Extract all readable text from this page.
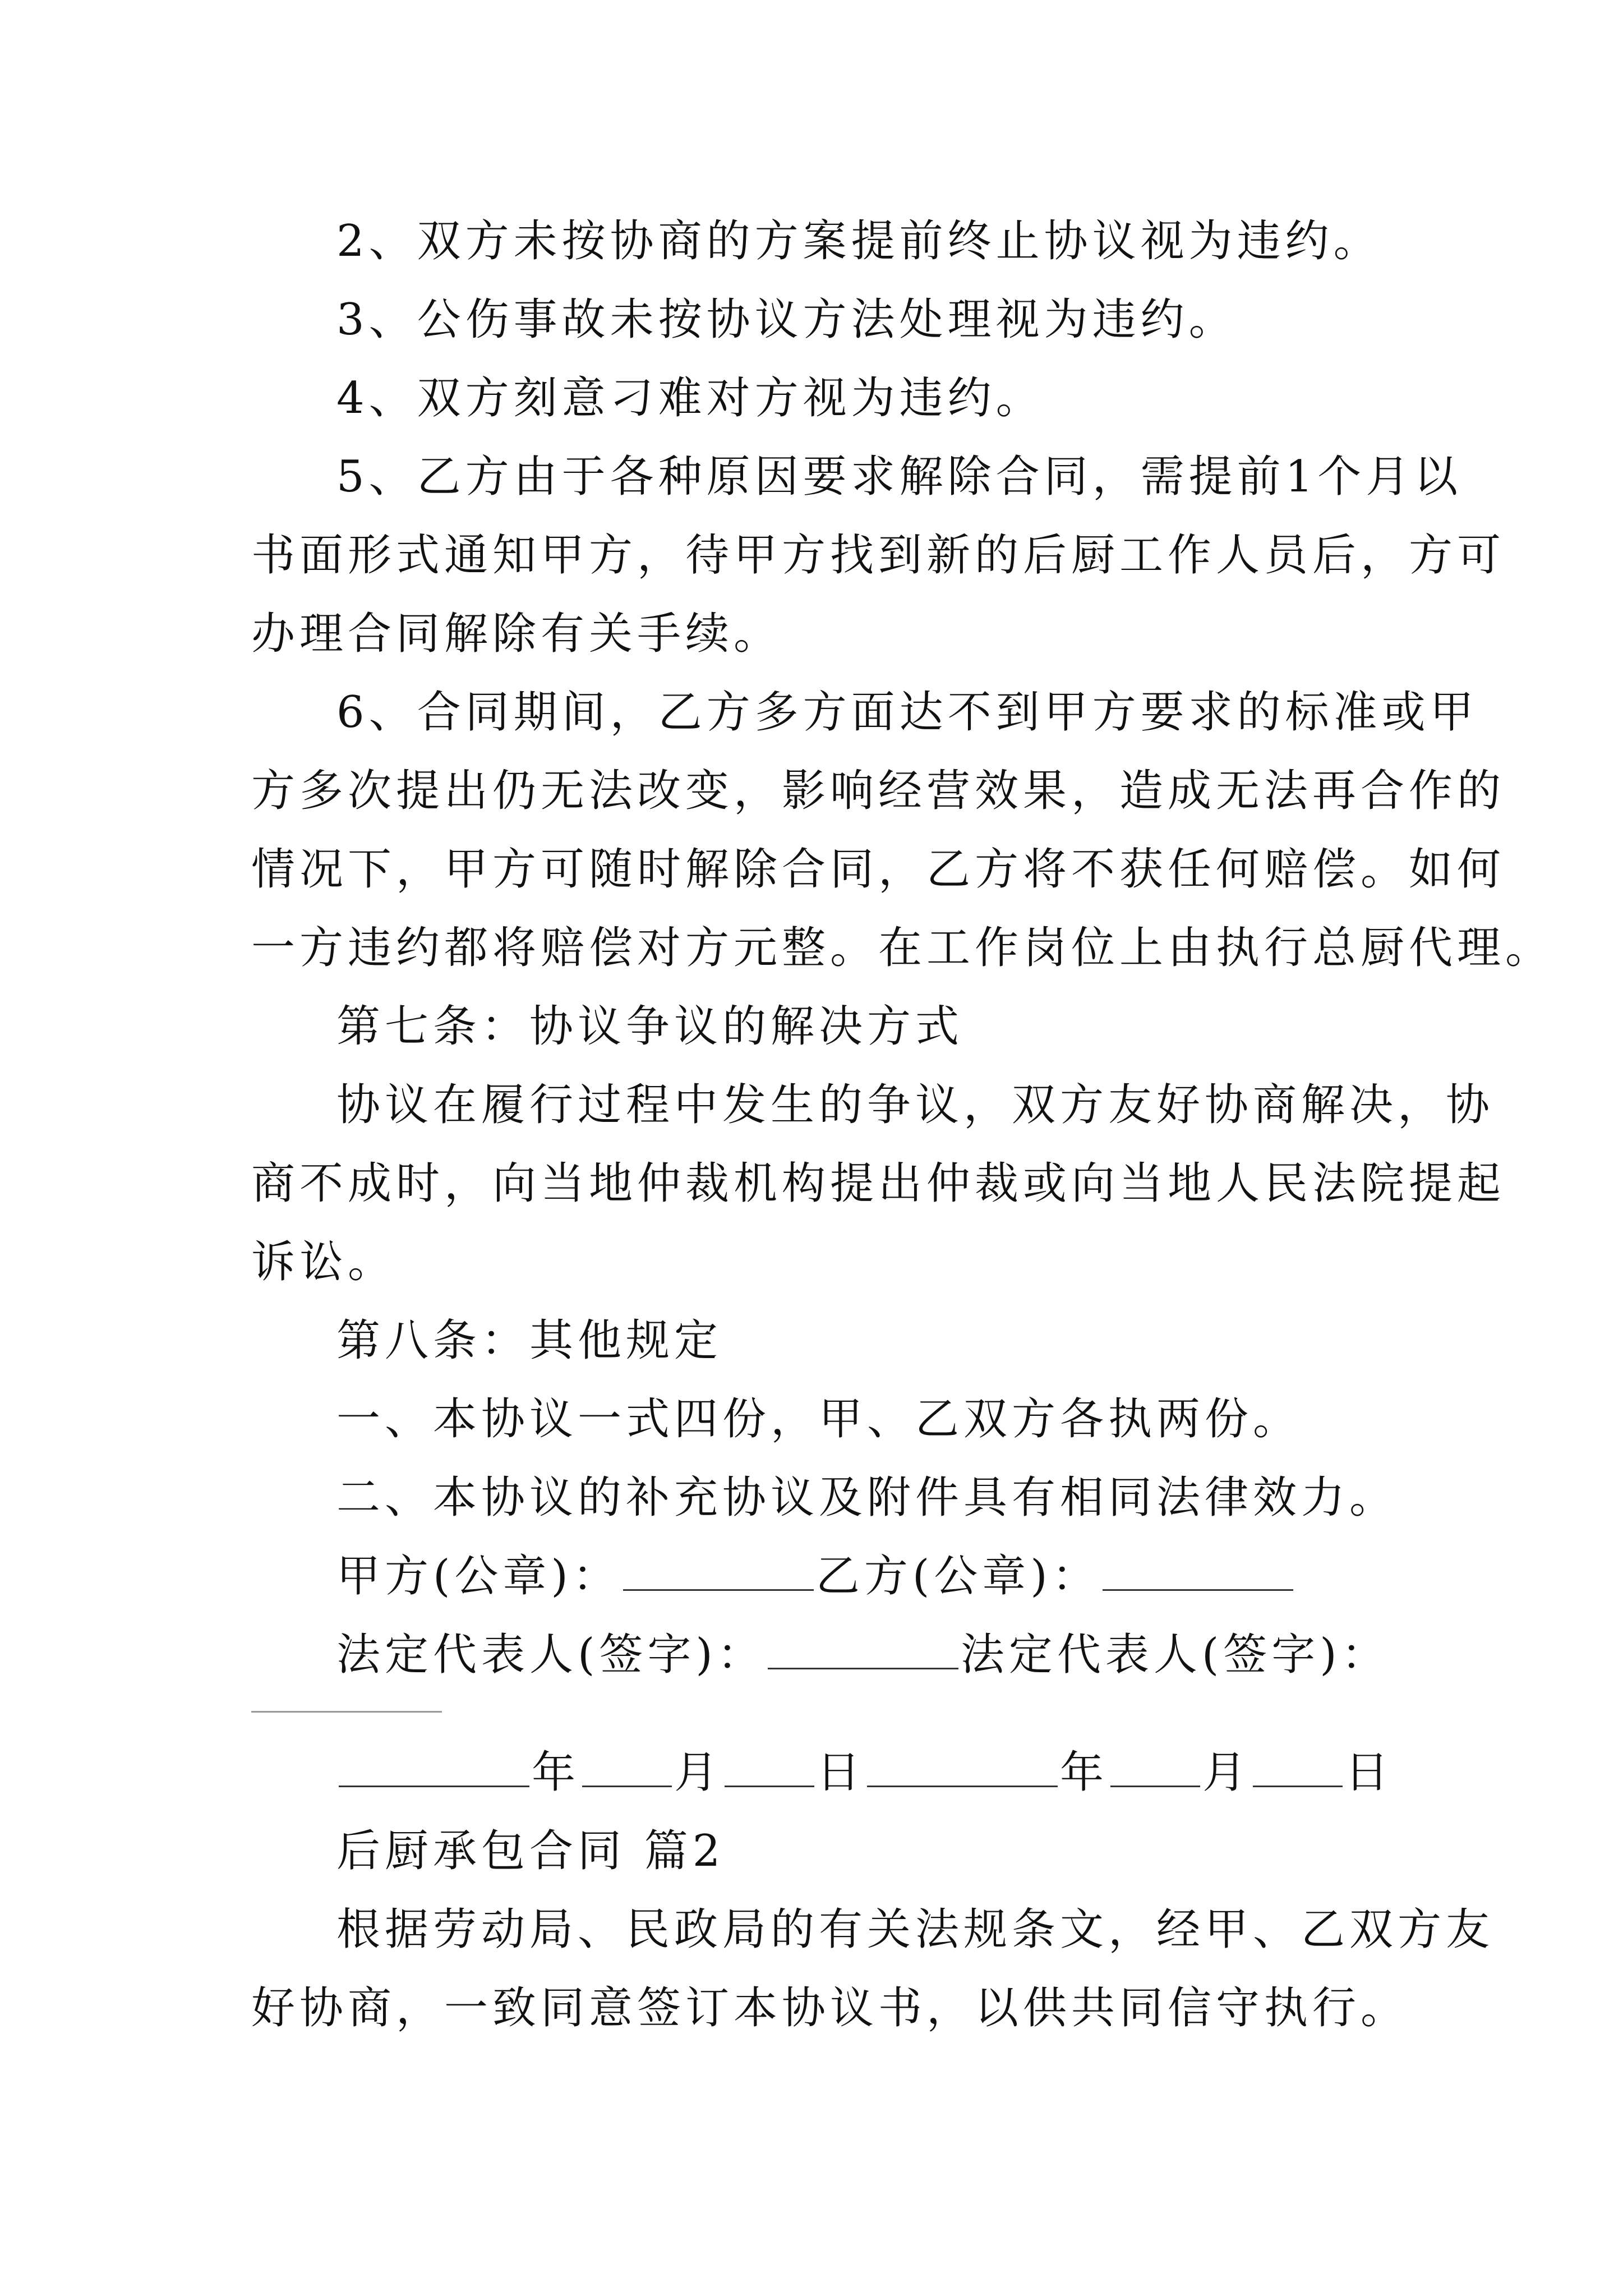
2、双方未按协商的方案提前终止协议视为违约。
3、公伤事故未按协议方法处理视为违约。
4、双方刻意刁难对方视为违约。
5、乙方由于各种原因要求解除合同，需提前1个月以
书面形式通知甲方，待甲方找到新的后厨工作人员后，方可
办理合同解除有关手续。
6、合同期间，乙方多方面达不到甲方要求的标准或甲
方多次提出仍无法改变，影响经营效果，造成无法再合作的
情况下，甲方可随时解除合同，乙方将不获任何赔偿。如何
一方违约都将赔偿对方元整。在工作岗位上由执行总厨代理。
第七条：协议争议的解决方式
协议在履行过程中发生的争议，双方友好协商解决，协
商不成时，向当地仲裁机构提出仲裁或向当地人民法院提起
诉讼。
第八条：其他规定
一、本协议一式四份，甲、乙双方各执两份。
二、本协议的补充协议及附件具有相同法律效力。
甲方(公章)：	乙方(公章)：
法定代表人(签字)：	法定代表人(签字)：
年 月 日	年 月 日
后厨承包合同 篇2
根据劳动局、民政局的有关法规条文，经甲、乙双方友
好协商，一致同意签订本协议书，以供共同信守执行。
